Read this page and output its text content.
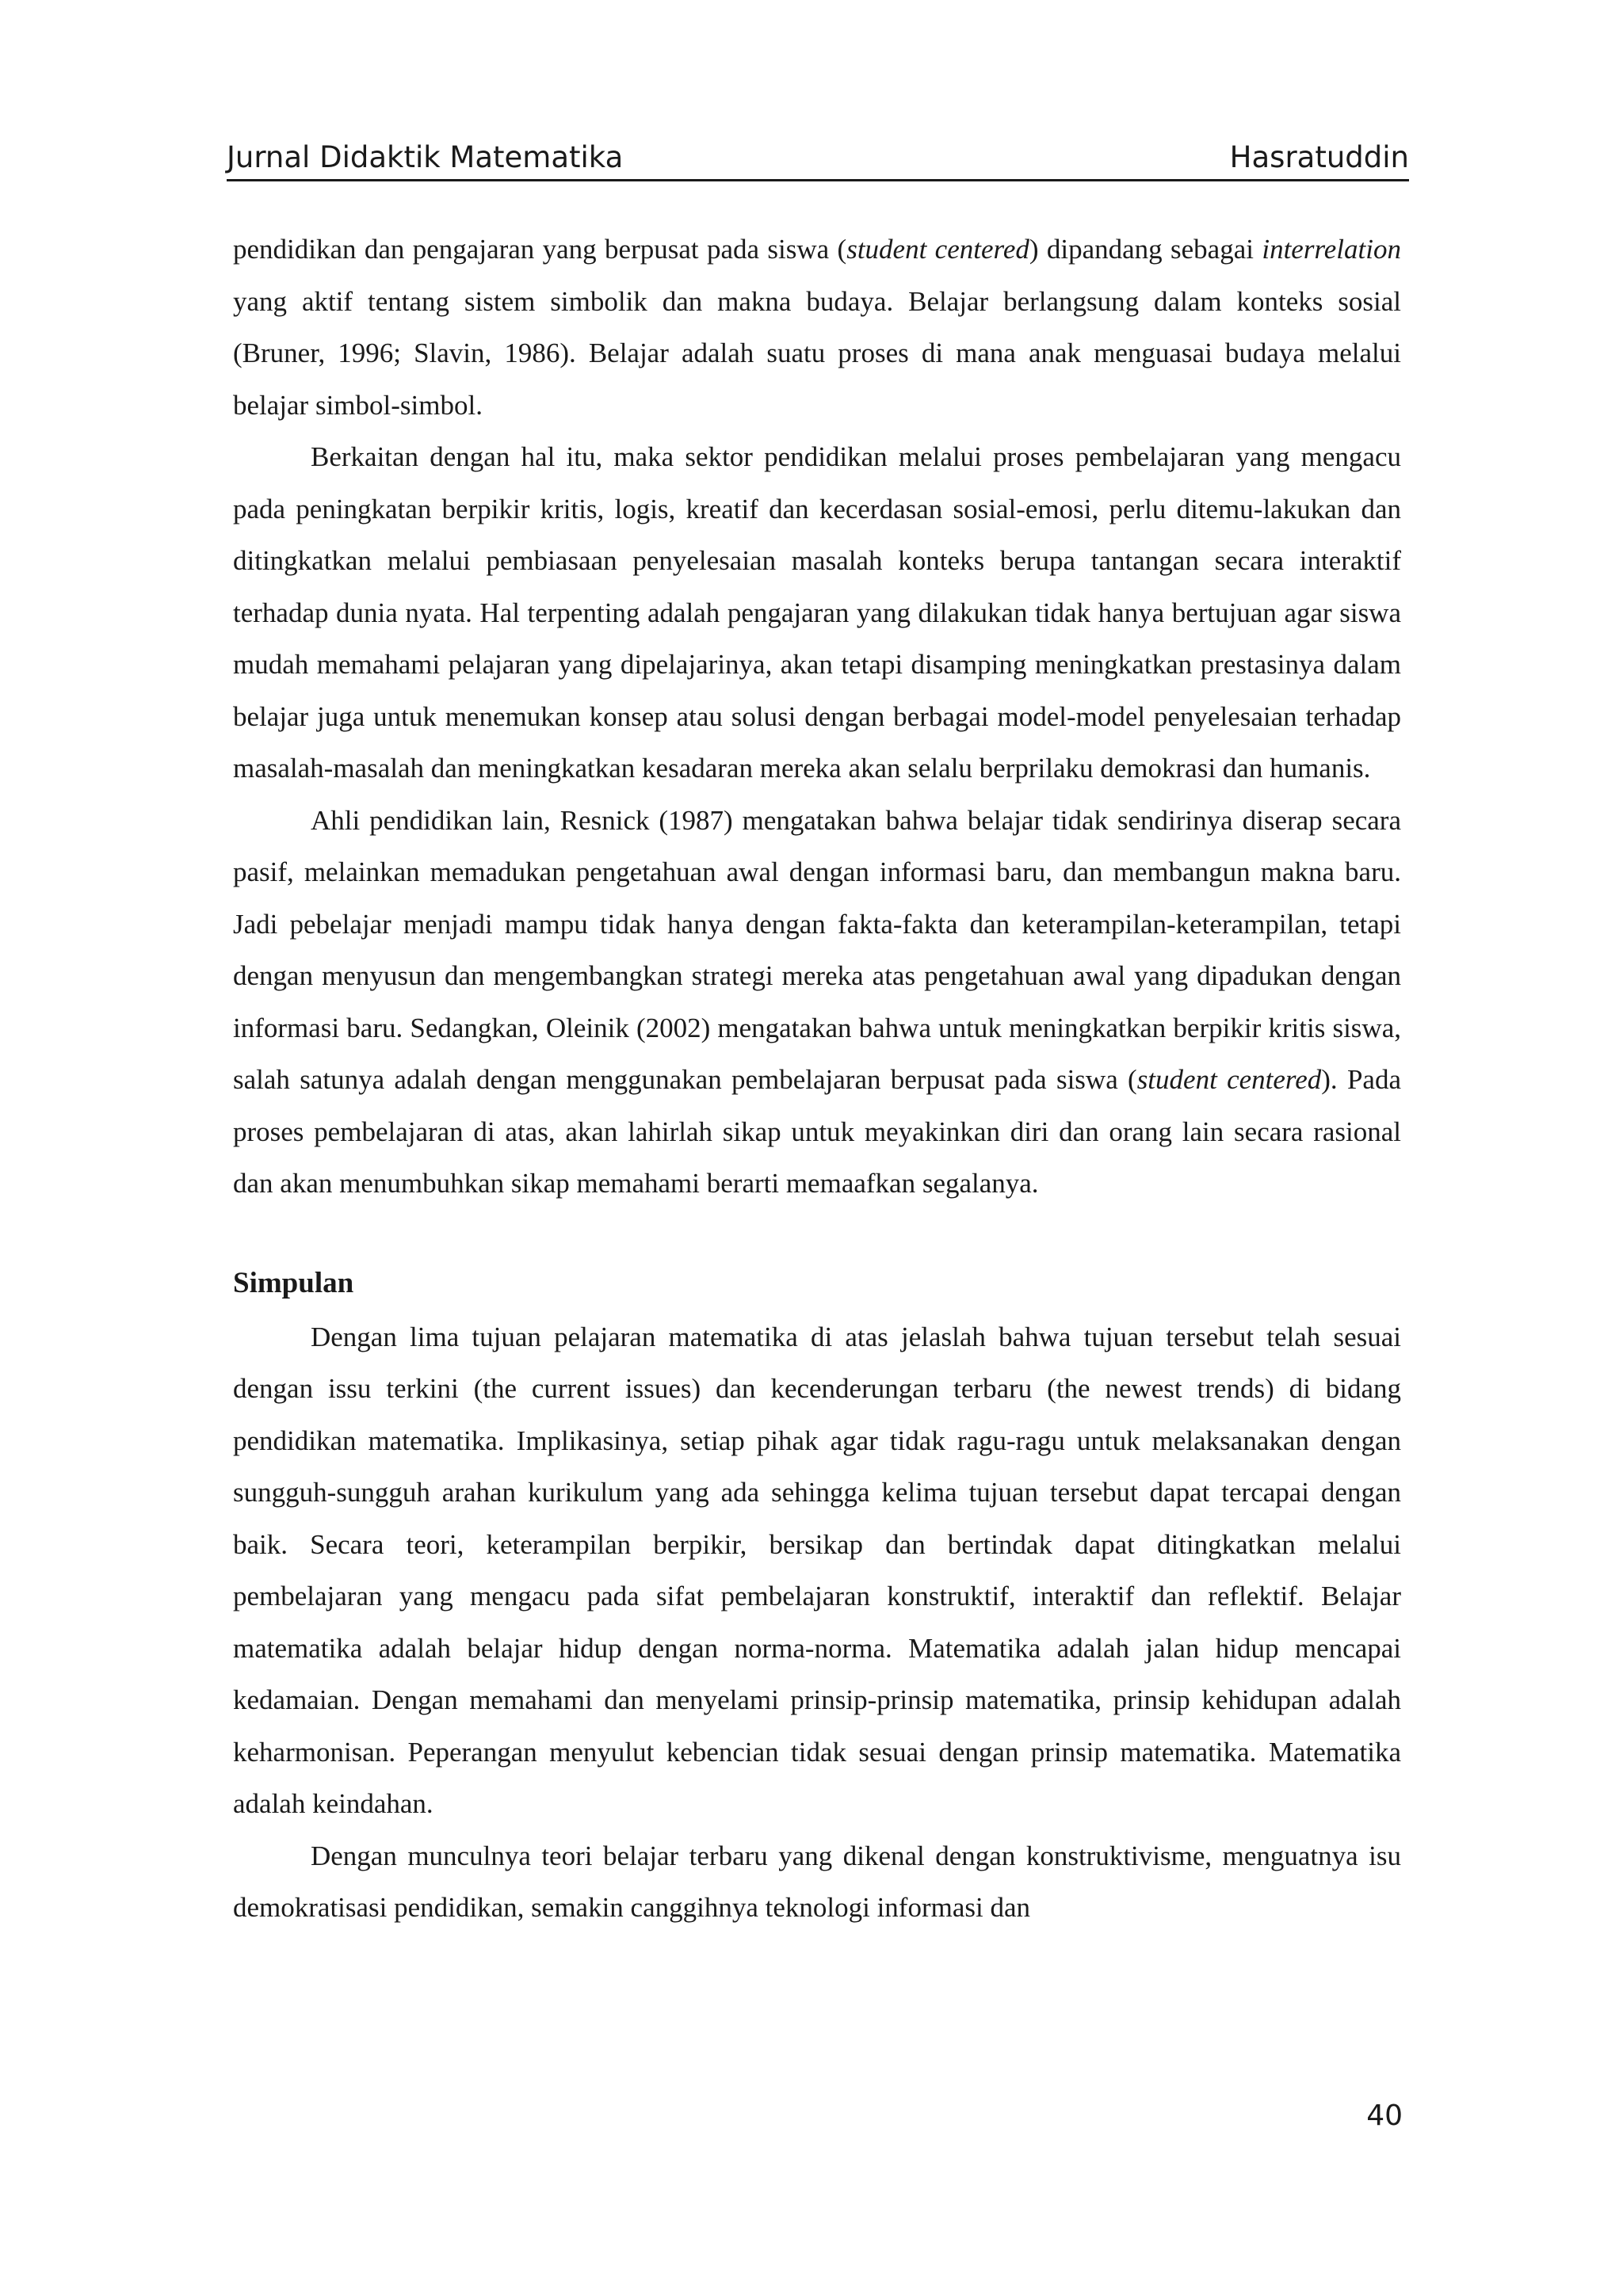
Jurnal Didaktik Matematika	Hasratuddin

pendidikan dan pengajaran yang berpusat pada siswa (student centered) dipandang sebagai interrelation yang aktif tentang sistem simbolik dan makna budaya. Belajar berlangsung dalam konteks sosial (Bruner, 1996; Slavin, 1986). Belajar adalah suatu proses di mana anak menguasai budaya melalui belajar simbol-simbol.

Berkaitan dengan hal itu, maka sektor pendidikan melalui proses pembelajaran yang mengacu pada peningkatan berpikir kritis, logis, kreatif dan kecerdasan sosial-emosi, perlu ditemu-lakukan dan ditingkatkan melalui pembiasaan penyelesaian masalah konteks berupa tantangan secara interaktif terhadap dunia nyata. Hal terpenting adalah pengajaran yang dilakukan tidak hanya bertujuan agar siswa mudah memahami pelajaran yang dipelajarinya, akan tetapi disamping meningkatkan prestasinya dalam belajar juga untuk menemukan konsep atau solusi dengan berbagai model-model penyelesaian terhadap masalah-masalah dan meningkatkan kesadaran mereka akan selalu berprilaku demokrasi dan humanis.

Ahli pendidikan lain, Resnick (1987) mengatakan bahwa belajar tidak sendirinya diserap secara pasif, melainkan memadukan pengetahuan awal dengan informasi baru, dan membangun makna baru. Jadi pebelajar menjadi mampu tidak hanya dengan fakta-fakta dan keterampilan-keterampilan, tetapi dengan menyusun dan mengembangkan strategi mereka atas pengetahuan awal yang dipadukan dengan informasi baru. Sedangkan, Oleinik (2002) mengatakan bahwa untuk meningkatkan berpikir kritis siswa, salah satunya adalah dengan menggunakan pembelajaran berpusat pada siswa (student centered). Pada proses pembelajaran di atas, akan lahirlah sikap untuk meyakinkan diri dan orang lain secara rasional dan akan menumbuhkan sikap memahami berarti memaafkan segalanya.

Simpulan

Dengan lima tujuan pelajaran matematika di atas jelaslah bahwa tujuan tersebut telah sesuai dengan issu terkini (the current issues) dan kecenderungan terbaru (the newest trends) di bidang pendidikan matematika. Implikasinya, setiap pihak agar tidak ragu-ragu untuk melaksanakan dengan sungguh-sungguh arahan kurikulum yang ada sehingga kelima tujuan tersebut dapat tercapai dengan baik. Secara teori, keterampilan berpikir, bersikap dan bertindak dapat ditingkatkan melalui pembelajaran yang mengacu pada sifat pembelajaran konstruktif, interaktif dan reflektif. Belajar matematika adalah belajar hidup dengan norma-norma. Matematika adalah jalan hidup mencapai kedamaian. Dengan memahami dan menyelami prinsip-prinsip matematika, prinsip kehidupan adalah keharmonisan. Peperangan menyulut kebencian tidak sesuai dengan prinsip matematika. Matematika adalah keindahan.

Dengan munculnya teori belajar terbaru yang dikenal dengan konstruktivisme, menguatnya isu demokratisasi pendidikan, semakin canggihnya teknologi informasi dan

40
